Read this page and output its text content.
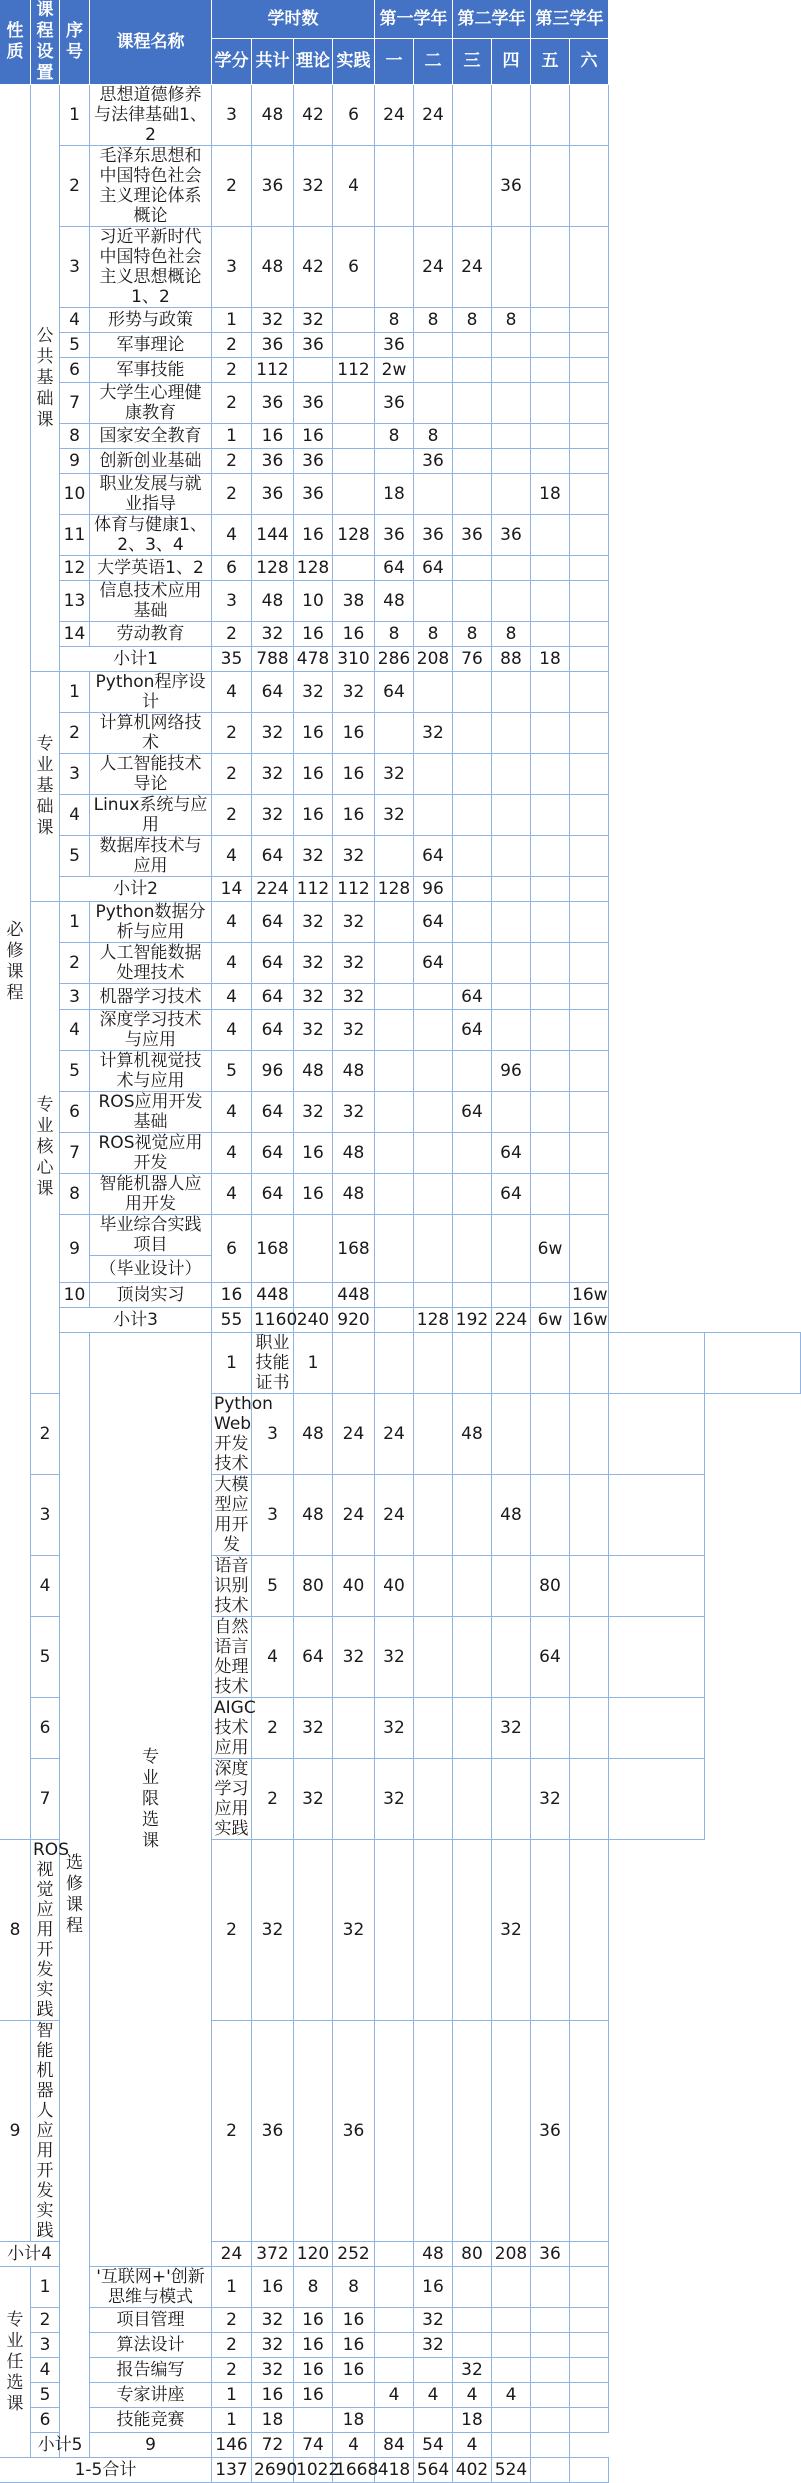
性质	课程设置	序号	课程名称	学时数				第一学年		第二学年		第三学年			
				学分	共计	理论	实践	一	二	三	四	五	六		
必修课程	公共基础课	1	思想道德修养与法律基础1、2	3	48	42	6	24	24						
		2	毛泽东思想和中国特色社会主义理论体系概论	2	36	32	4				36				
		3	习近平新时代中国特色社会主义思想概论1、2	3	48	42	6		24	24					
		4	形势与政策	1	32	32		8	8	8	8				
		5	军事理论	2	36	36		36							
		6	军事技能	2	112		112	2w							
		7	大学生心理健康教育	2	36	36		36							
		8	国家安全教育	1	16	16		8	8						
		9	创新创业基础	2	36	36			36						
		10	职业发展与就业指导	2	36	36		18				18			
		11	体育与健康1、2、3、4	4	144	16	128	36	36	36	36				
		12	大学英语1、2	6	128	128		64	64						
		13	信息技术应用基础	3	48	10	38	48							
		14	劳动教育	2	32	16	16	8	8	8	8				
		小计1		35	788	478	310	286	208	76	88	18			
	专业基础课	1	Python程序设计	4	64	32	32	64							
		2	计算机网络技术	2	32	16	16		32						
		3	人工智能技术导论	2	32	16	16	32							
		4	Linux系统与应用	2	32	16	16	32							
		5	数据库技术与应用	4	64	32	32		64						
		小计2		14	224	112	112	128	96						
	专业核心课	1	Python数据分析与应用	4	64	32	32		64						
		2	人工智能数据处理技术	4	64	32	32		64						
		3	机器学习技术	4	64	32	32			64					
		4	深度学习技术与应用	4	64	32	32			64					
		5	计算机视觉技术与应用	5	96	48	48				96				
		6	ROS应用开发基础	4	64	32	32			64					
		7	ROS视觉应用开发	4	64	16	48				64				
		8	智能机器人应用开发	4	64	16	48				64				
		9	毕业综合实践项目	6	168		168					6w			
			（毕业设计）												
		10	顶岗实习	16	448		448						16w		
		小计3		55	1160	240	920		128	192	224	6w	16w		
		选修课程	专业限选课	1	职业技能证书	1									
	2			Python Web开发技术	3	48	24	24		48					
	3			大模型应用开发	3	48	24	24			48				
	4			语音识别技术	5	80	40	40				80			
	5			自然语言处理技术	4	64	32	32				64			
	6			AIGC技术应用	2	32		32			32				
	7			深度学习应用实践	2	32		32				32			
8	ROS视觉应用开发实践			2	32		32				32				
9	智能机器人应用开发实践			2	36		36					36			
小计4				24	372	120	252		48	80	208	36			
专业任选课	1		'互联网+'创新思维与模式	1	16	8	8		16						
	2		项目管理	2	32	16	16		32						
	3		算法设计	2	32	16	16		32						
	4		报告编写	2	32	16	16			32					
	5		专家讲座	1	16	16		4	4	4	4				
	6		技能竞赛	1	18		18			18					
	小计5		9	146	72	74	4	84	54	4					
1-5合计				137	2690	1022	1668	418	564	402	524				
